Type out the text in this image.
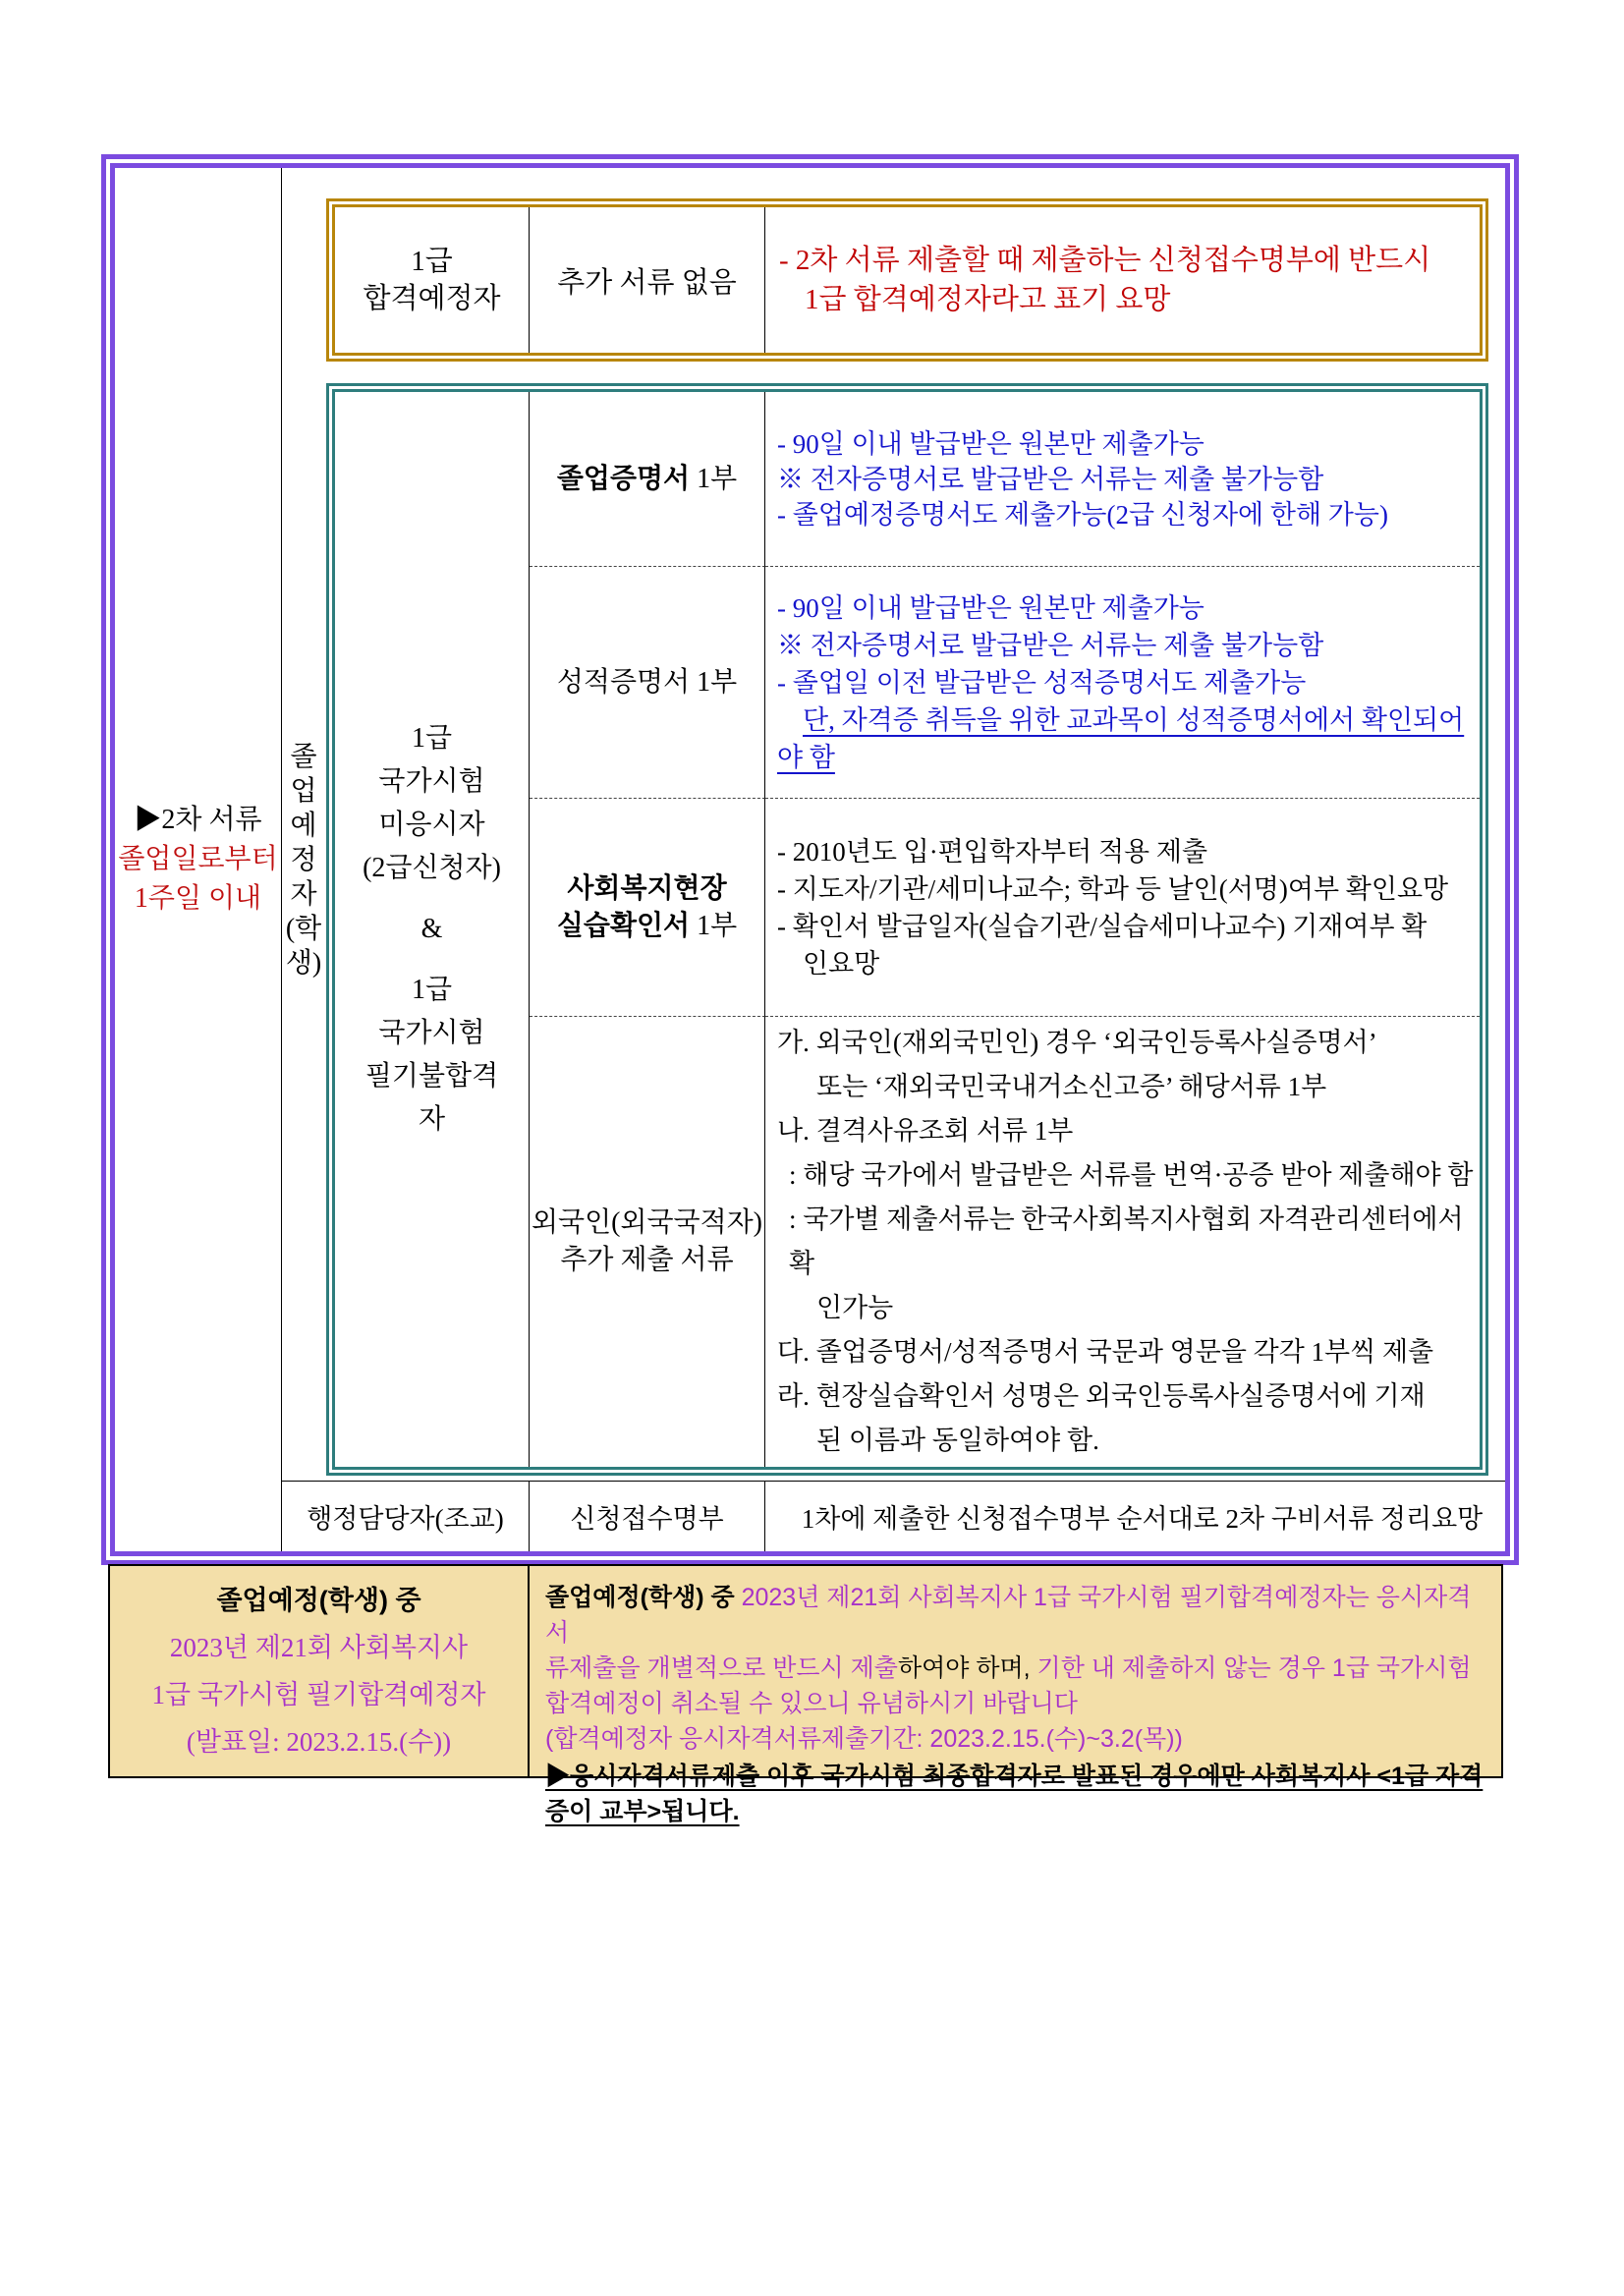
▶2차 서류
졸업일로부터
1주일 이내
졸
업
예
정
자
(학
생)
1급
합격예정자
추가 서류 없음
- 2차 서류 제출할 때 제출하는 신청접수명부에 반드시
1급 합격예정자라고 표기 요망
1급
국가시험
미응시자
(2급신청자)
&
1급
국가시험
필기불합격
자
졸업증명서 1부
- 90일 이내 발급받은 원본만 제출가능
※ 전자증명서로 발급받은 서류는 제출 불가능함
- 졸업예정증명서도 제출가능(2급 신청자에 한해 가능)
성적증명서 1부
- 90일 이내 발급받은 원본만 제출가능
※ 전자증명서로 발급받은 서류는 제출 불가능함
- 졸업일 이전 발급받은 성적증명서도 제출가능
단, 자격증 취득을 위한 교과목이 성적증명서에서 확인되어
야 함
사회복지현장
실습확인서 1부
- 2010년도 입·편입학자부터 적용 제출
- 지도자/기관/세미나교수; 학과 등 날인(서명)여부 확인요망
- 확인서 발급일자(실습기관/실습세미나교수) 기재여부 확
인요망
외국인(외국국적자)
추가 제출 서류
가. 외국인(재외국민인) 경우 ‘외국인등록사실증명서’
또는 ‘재외국민국내거소신고증’ 해당서류 1부
나. 결격사유조회 서류 1부
: 해당 국가에서 발급받은 서류를 번역·공증 받아 제출해야 함
: 국가별 제출서류는 한국사회복지사협회 자격관리센터에서 확
인가능
다. 졸업증명서/성적증명서 국문과 영문을 각각 1부씩 제출
라. 현장실습확인서 성명은 외국인등록사실증명서에 기재
된 이름과 동일하여야 함.
행정담당자(조교)	신청접수명부	1차에 제출한 신청접수명부 순서대로 2차 구비서류 정리요망
졸업예정(학생) 중
2023년 제21회 사회복지사
1급 국가시험 필기합격예정자
(발표일: 2023.2.15.(수))
졸업예정(학생) 중 2023년 제21회 사회복지사 1급 국가시험 필기합격예정자는 응시자격서
류제출을 개별적으로 반드시 제출하여야 하며, 기한 내 제출하지 않는 경우 1급 국가시험
합격예정이 취소될 수 있으니 유념하시기 바랍니다
(합격예정자 응시자격서류제출기간: 2023.2.15.(수)~3.2(목))
▶응시자격서류제출 이후 국가시험 최종합격자로 발표된 경우에만 사회복지사 <1급 자격증이 교부>됩니다.
